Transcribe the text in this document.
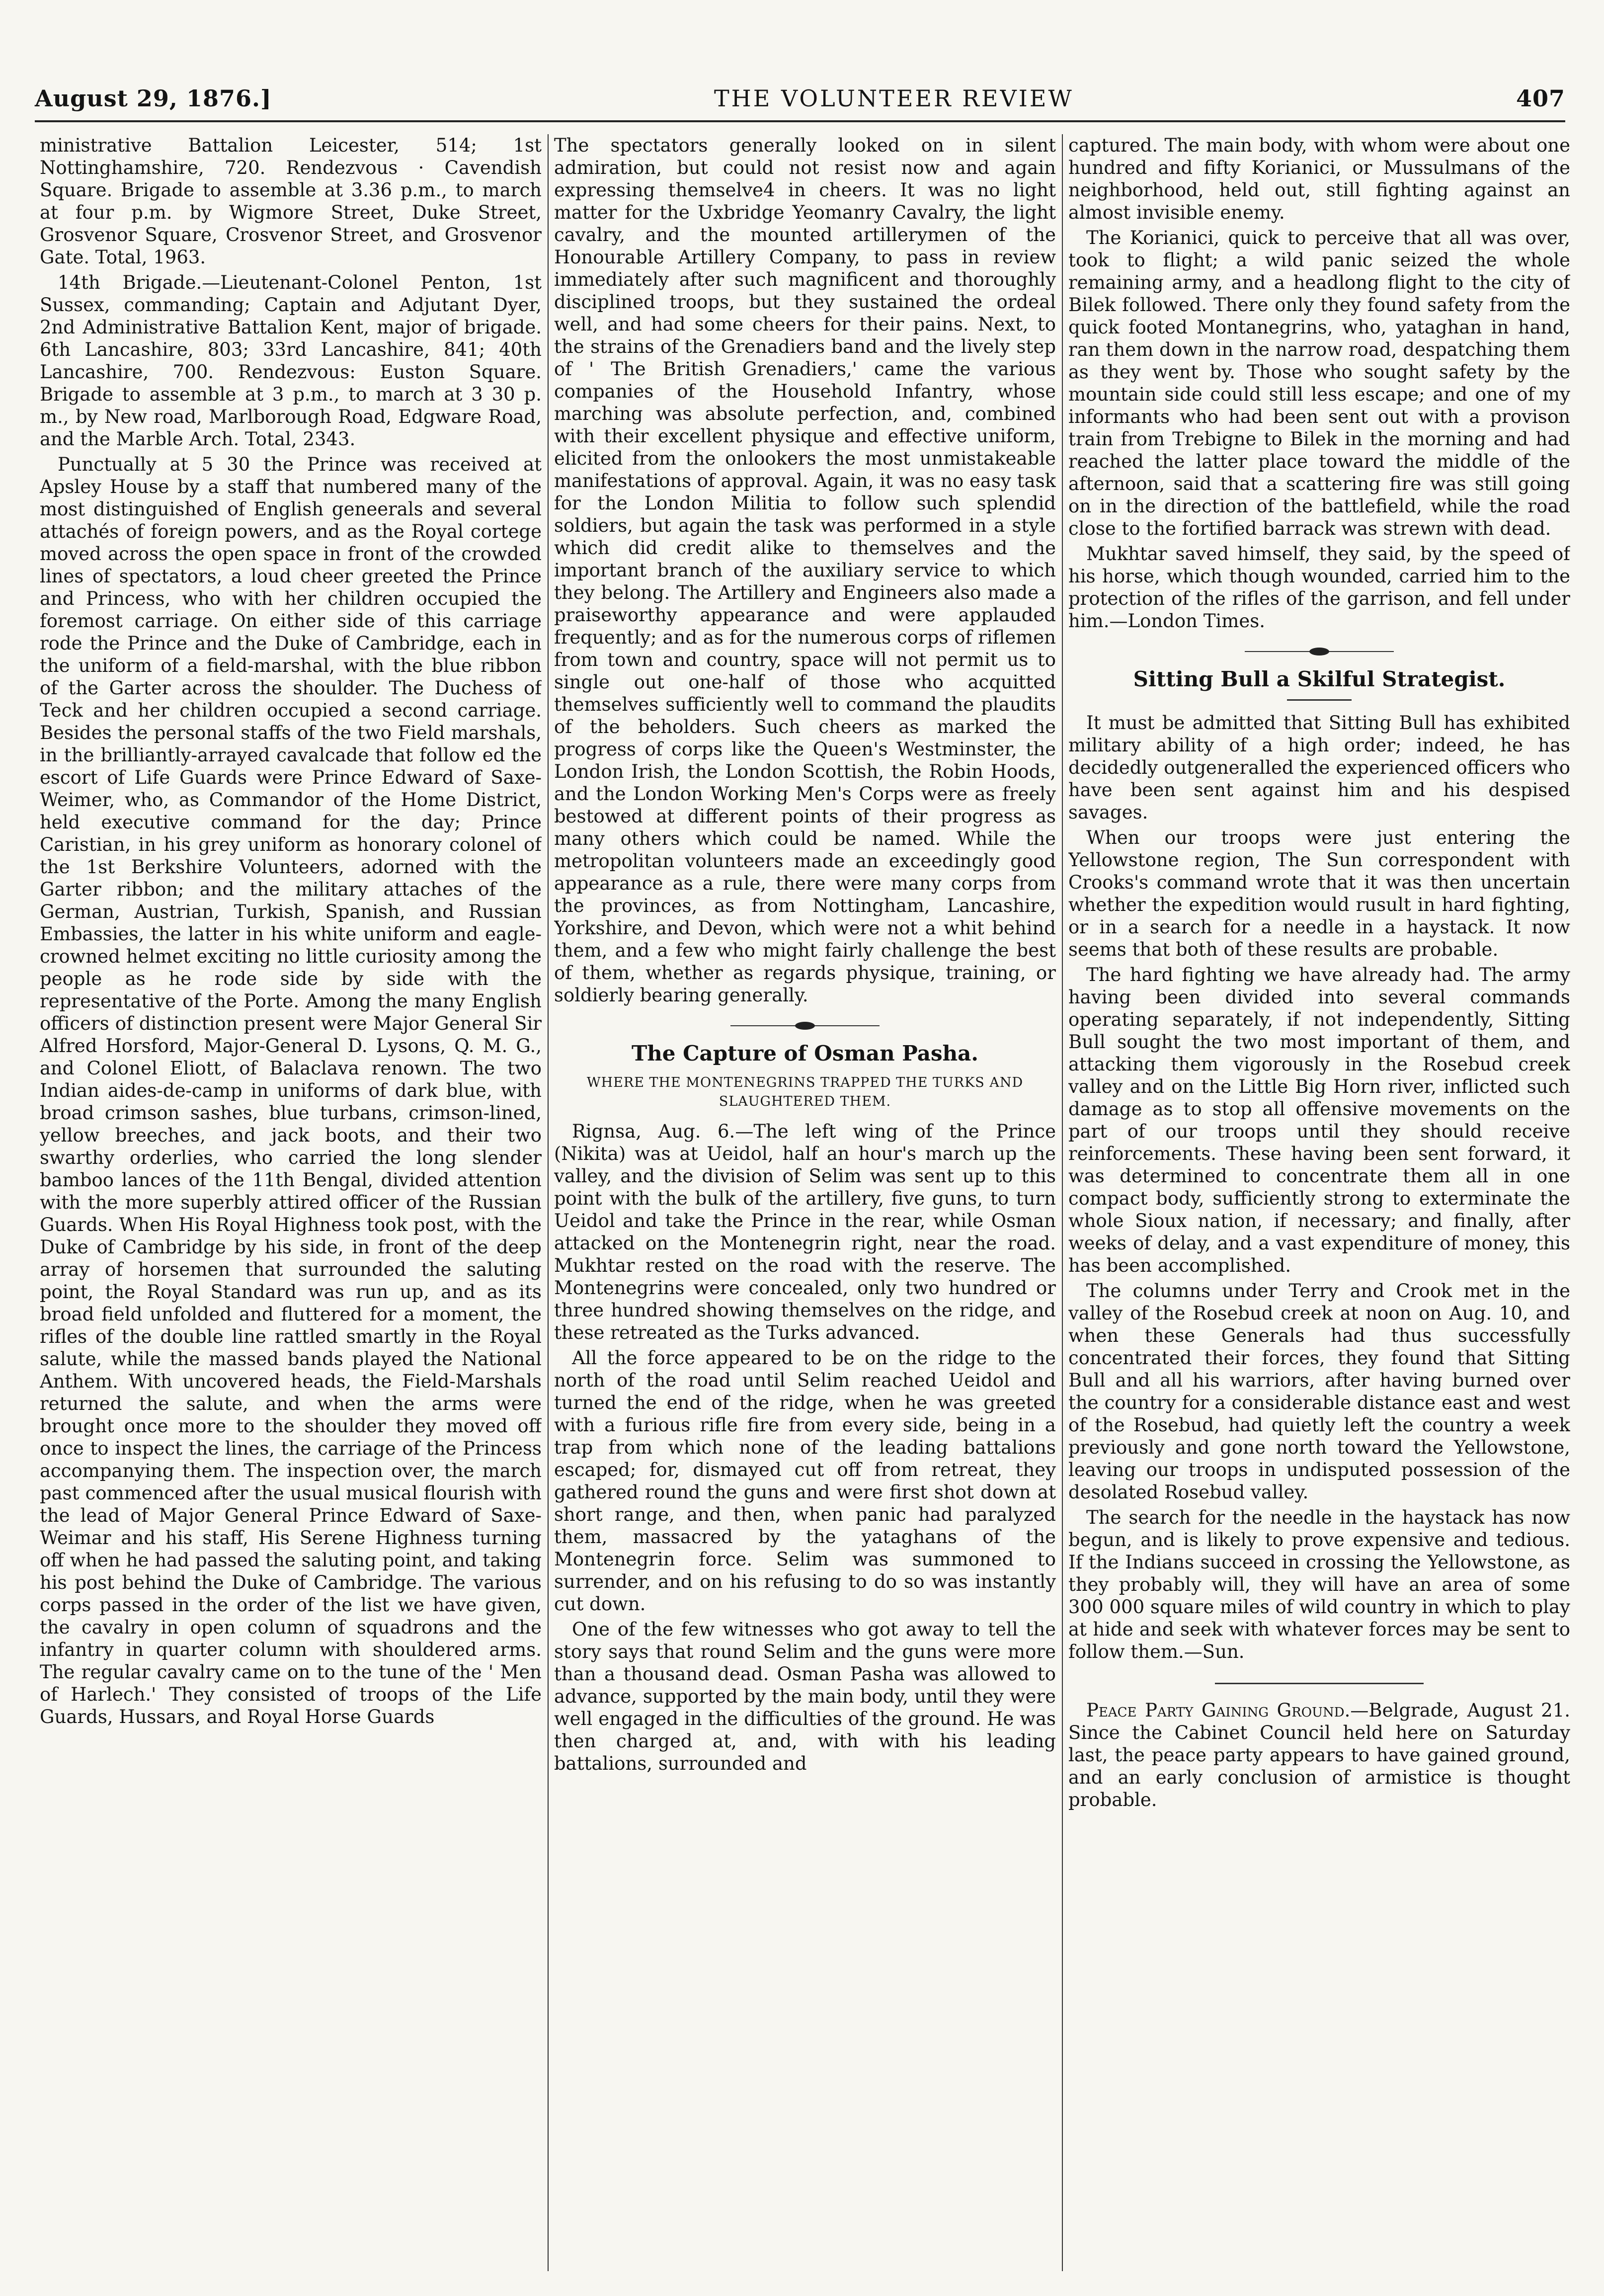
August 29, 1876.]	THE VOLUNTEER REVIEW	407

ministrative Battalion Leicester, 514; 1st Nottinghamshire, 720. Rendezvous · Cavendish Square. Brigade to assemble at 3.36 p.m., to march at four p.m. by Wigmore Street, Duke Street, Grosvenor Square, Crosvenor Street, and Grosvenor Gate. Total, 1963.

14th Brigade.—Lieutenant-Colonel Penton, 1st Sussex, commanding; Captain and Adjutant Dyer, 2nd Administrative Battalion Kent, major of brigade. 6th Lancashire, 803; 33rd Lancashire, 841; 40th Lancashire, 700. Rendezvous: Euston Square. Brigade to assemble at 3 p.m., to march at 3 30 p. m., by New road, Marlborough Road, Edgware Road, and the Marble Arch. Total, 2343.

Punctually at 5 30 the Prince was received at Apsley House by a staff that numbered many of the most distinguished of English geneerals and several attachés of foreign powers, and as the Royal cortege moved across the open space in front of the crowded lines of spectators, a loud cheer greeted the Prince and Princess, who with her children occupied the foremost carriage. On either side of this carriage rode the Prince and the Duke of Cambridge, each in the uniform of a field-marshal, with the blue ribbon of the Garter across the shoulder. The Duchess of Teck and her children occupied a second carriage. Besides the personal staffs of the two Field marshals, in the brilliantly-arrayed cavalcade that follow ed the escort of Life Guards were Prince Edward of Saxe-Weimer, who, as Commandor of the Home District, held executive command for the day; Prince Caristian, in his grey uniform as honorary colonel of the 1st Berkshire Volunteers, adorned with the Garter ribbon; and the military attaches of the German, Austrian, Turkish, Spanish, and Russian Embassies, the latter in his white uniform and eagle-crowned helmet exciting no little curiosity among the people as he rode side by side with the representative of the Porte. Among the many English officers of distinction present were Major General Sir Alfred Horsford, Major-General D. Lysons, Q. M. G., and Colonel Eliott, of Balaclava renown. The two Indian aides-de-camp in uniforms of dark blue, with broad crimson sashes, blue turbans, crimson-lined, yellow breeches, and jack boots, and their two swarthy orderlies, who carried the long slender bamboo lances of the 11th Bengal, divided attention with the more superbly attired officer of the Russian Guards. When His Royal Highness took post, with the Duke of Cambridge by his side, in front of the deep array of horsemen that surrounded the saluting point, the Royal Standard was run up, and as its broad field unfolded and fluttered for a moment, the rifles of the double line rattled smartly in the Royal salute, while the massed bands played the National Anthem. With uncovered heads, the Field-Marshals returned the salute, and when the arms were brought once more to the shoulder they moved off once to inspect the lines, the carriage of the Princess accompanying them. The inspection over, the march past commenced after the usual musical flourish with the lead of Major General Prince Edward of Saxe-Weimar and his staff, His Serene Highness turning off when he had passed the saluting point, and taking his post behind the Duke of Cambridge. The various corps passed in the order of the list we have given, the cavalry in open column of squadrons and the infantry in quarter column with shouldered arms. The regular cavalry came on to the tune of the ' Men of Harlech.' They consisted of troops of the Life Guards, Hussars, and Royal Horse Guards

The spectators generally looked on in silent admiration, but could not resist now and again expressing themselve4 in cheers. It was no light matter for the Uxbridge Yeomanry Cavalry, the light cavalry, and the mounted artillerymen of the Honourable Artillery Company, to pass in review immediately after such magnificent and thoroughly disciplined troops, but they sustained the ordeal well, and had some cheers for their pains. Next, to the strains of the Grenadiers band and the lively step of ' The British Grenadiers,' came the various companies of the Household Infantry, whose marching was absolute perfection, and, combined with their excellent physique and effective uniform, elicited from the onlookers the most unmistakeable manifestations of approval. Again, it was no easy task for the London Militia to follow such splendid soldiers, but again the task was performed in a style which did credit alike to themselves and the important branch of the auxiliary service to which they belong. The Artillery and Engineers also made a praiseworthy appearance and were applauded frequently; and as for the numerous corps of riflemen from town and country, space will not permit us to single out one-half of those who acquitted themselves sufficiently well to command the plaudits of the beholders. Such cheers as marked the progress of corps like the Queen's Westminster, the London Irish, the London Scottish, the Robin Hoods, and the London Working Men's Corps were as freely bestowed at different points of their progress as many others which could be named. While the metropolitan volunteers made an exceedingly good appearance as a rule, there were many corps from the provinces, as from Nottingham, Lancashire, Yorkshire, and Devon, which were not a whit behind them, and a few who might fairly challenge the best of them, whether as regards physique, training, or soldierly bearing generally.

The Capture of Osman Pasha.
WHERE THE MONTENEGRINS TRAPPED THE TURKS AND SLAUGHTERED THEM.

Rignsa, Aug. 6.—The left wing of the Prince (Nikita) was at Ueidol, half an hour's march up the valley, and the division of Selim was sent up to this point with the bulk of the artillery, five guns, to turn Ueidol and take the Prince in the rear, while Osman attacked on the Montenegrin right, near the road. Mukhtar rested on the road with the reserve. The Montenegrins were concealed, only two hundred or three hundred showing themselves on the ridge, and these retreated as the Turks advanced.

All the force appeared to be on the ridge to the north of the road until Selim reached Ueidol and turned the end of the ridge, when he was greeted with a furious rifle fire from every side, being in a trap from which none of the leading battalions escaped; for, dismayed cut off from retreat, they gathered round the guns and were first shot down at short range, and then, when panic had paralyzed them, massacred by the yataghans of the Montenegrin force. Selim was summoned to surrender, and on his refusing to do so was instantly cut down.

One of the few witnesses who got away to tell the story says that round Selim and the guns were more than a thousand dead. Osman Pasha was allowed to advance, supported by the main body, until they were well engaged in the difficulties of the ground. He was then charged at, and, with with his leading battalions, surrounded and

captured. The main body, with whom were about one hundred and fifty Korianici, or Mussulmans of the neighborhood, held out, still fighting against an almost invisible enemy.

The Korianici, quick to perceive that all was over, took to flight; a wild panic seized the whole remaining army, and a headlong flight to the city of Bilek followed. There only they found safety from the quick footed Montanegrins, who, yataghan in hand, ran them down in the narrow road, despatching them as they went by. Those who sought safety by the mountain side could still less escape; and one of my informants who had been sent out with a provison train from Trebigne to Bilek in the morning and had reached the latter place toward the middle of the afternoon, said that a scattering fire was still going on in the direction of the battlefield, while the road close to the fortified barrack was strewn with dead.

Mukhtar saved himself, they said, by the speed of his horse, which though wounded, carried him to the protection of the rifles of the garrison, and fell under him.—London Times.

Sitting Bull a Skilful Strategist.

It must be admitted that Sitting Bull has exhibited military ability of a high order; indeed, he has decidedly outgeneralled the experienced officers who have been sent against him and his despised savages.

When our troops were just entering the Yellowstone region, The Sun correspondent with Crooks's command wrote that it was then uncertain whether the expedition would rusult in hard fighting, or in a search for a needle in a haystack. It now seems that both of these results are probable.

The hard fighting we have already had. The army having been divided into several commands operating separately, if not independently, Sitting Bull sought the two most important of them, and attacking them vigorously in the Rosebud creek valley and on the Little Big Horn river, inflicted such damage as to stop all offensive movements on the part of our troops until they should receive reinforcements. These having been sent forward, it was determined to concentrate them all in one compact body, sufficiently strong to exterminate the whole Sioux nation, if necessary; and finally, after weeks of delay, and a vast expenditure of money, this has been accomplished.

The columns under Terry and Crook met in the valley of the Rosebud creek at noon on Aug. 10, and when these Generals had thus successfully concentrated their forces, they found that Sitting Bull and all his warriors, after having burned over the country for a considerable distance east and west of the Rosebud, had quietly left the country a week previously and gone north toward the Yellowstone, leaving our troops in undisputed possession of the desolated Rosebud valley.

The search for the needle in the haystack has now begun, and is likely to prove expensive and tedious. If the Indians succeed in crossing the Yellowstone, as they probably will, they will have an area of some 300 000 square miles of wild country in which to play at hide and seek with whatever forces may be sent to follow them.—Sun.

Peace Party Gaining Ground.—Belgrade, August 21. Since the Cabinet Council held here on Saturday last, the peace party appears to have gained ground, and an early conclusion of armistice is thought probable.
